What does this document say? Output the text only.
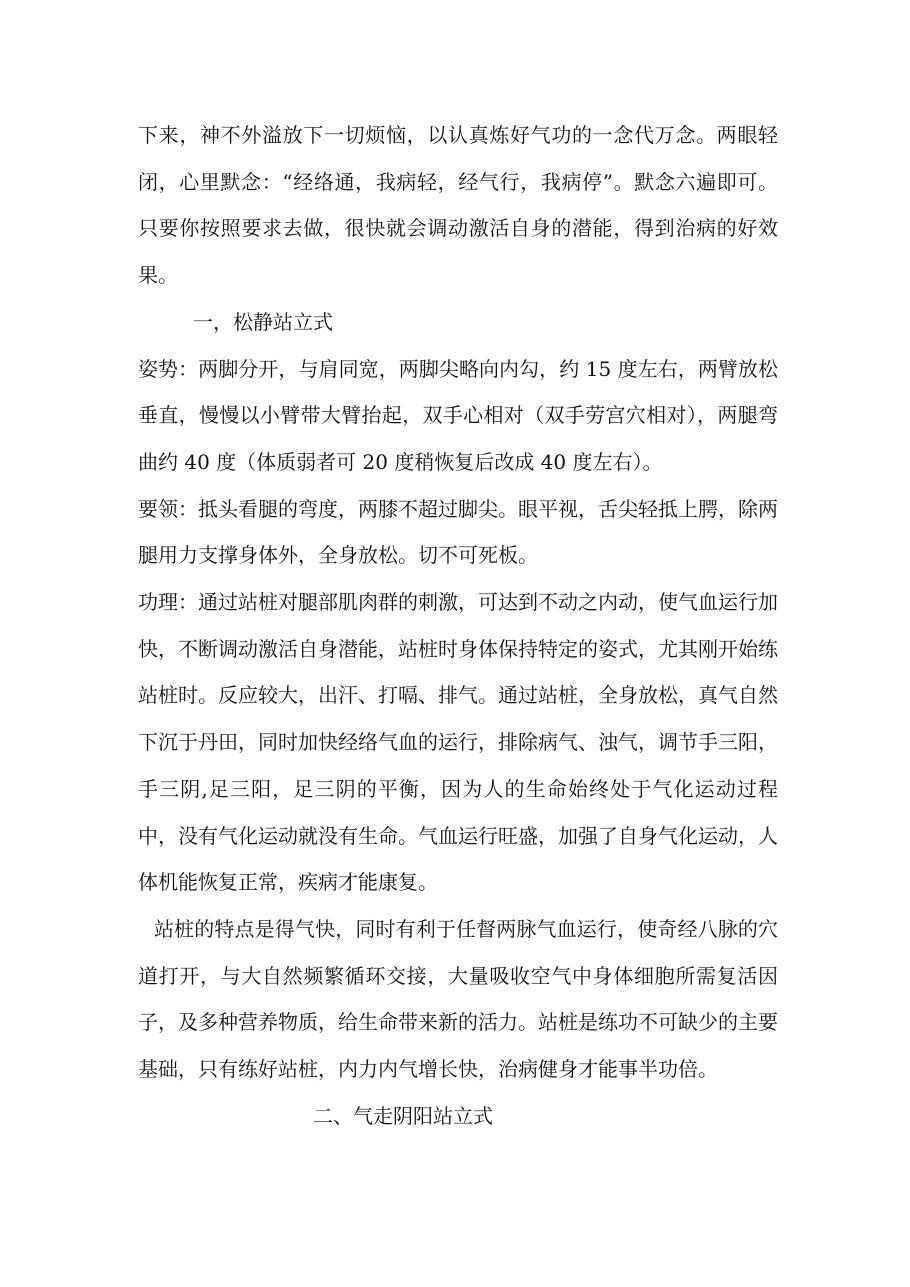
下来，神不外溢放下一切烦恼，以认真炼好气功的一念代万念。两眼轻闭，心里默念：“经络通，我病轻，经气行，我病停”。默念六遍即可。只要你按照要求去做，很快就会调动激活自身的潜能，得到治病的好效果。

一，松静站立式

姿势：两脚分开，与肩同宽，两脚尖略向内勾，约 15 度左右，两臂放松垂直，慢慢以小臂带大臂抬起，双手心相对（双手劳宫穴相对），两腿弯曲约 40 度（体质弱者可 20 度稍恢复后改成 40 度左右）。

要领：抵头看腿的弯度，两膝不超过脚尖。眼平视，舌尖轻抵上腭，除两腿用力支撑身体外，全身放松。切不可死板。

功理：通过站桩对腿部肌肉群的刺激，可达到不动之内动，使气血运行加快，不断调动激活自身潜能，站桩时身体保持特定的姿式，尤其刚开始练站桩时。反应较大，出汗、打嗝、排气。通过站桩，全身放松，真气自然下沉于丹田，同时加快经络气血的运行，排除病气、浊气，调节手三阳，手三阴,足三阳，足三阴的平衡，因为人的生命始终处于气化运动过程中，没有气化运动就没有生命。气血运行旺盛，加强了自身气化运动，人体机能恢复正常，疾病才能康复。

站桩的特点是得气快，同时有利于任督两脉气血运行，使奇经八脉的穴道打开，与大自然频繁循环交接，大量吸收空气中身体细胞所需复活因子，及多种营养物质，给生命带来新的活力。站桩是练功不可缺少的主要基础，只有练好站桩，内力内气增长快，治病健身才能事半功倍。

二、气走阴阳站立式
